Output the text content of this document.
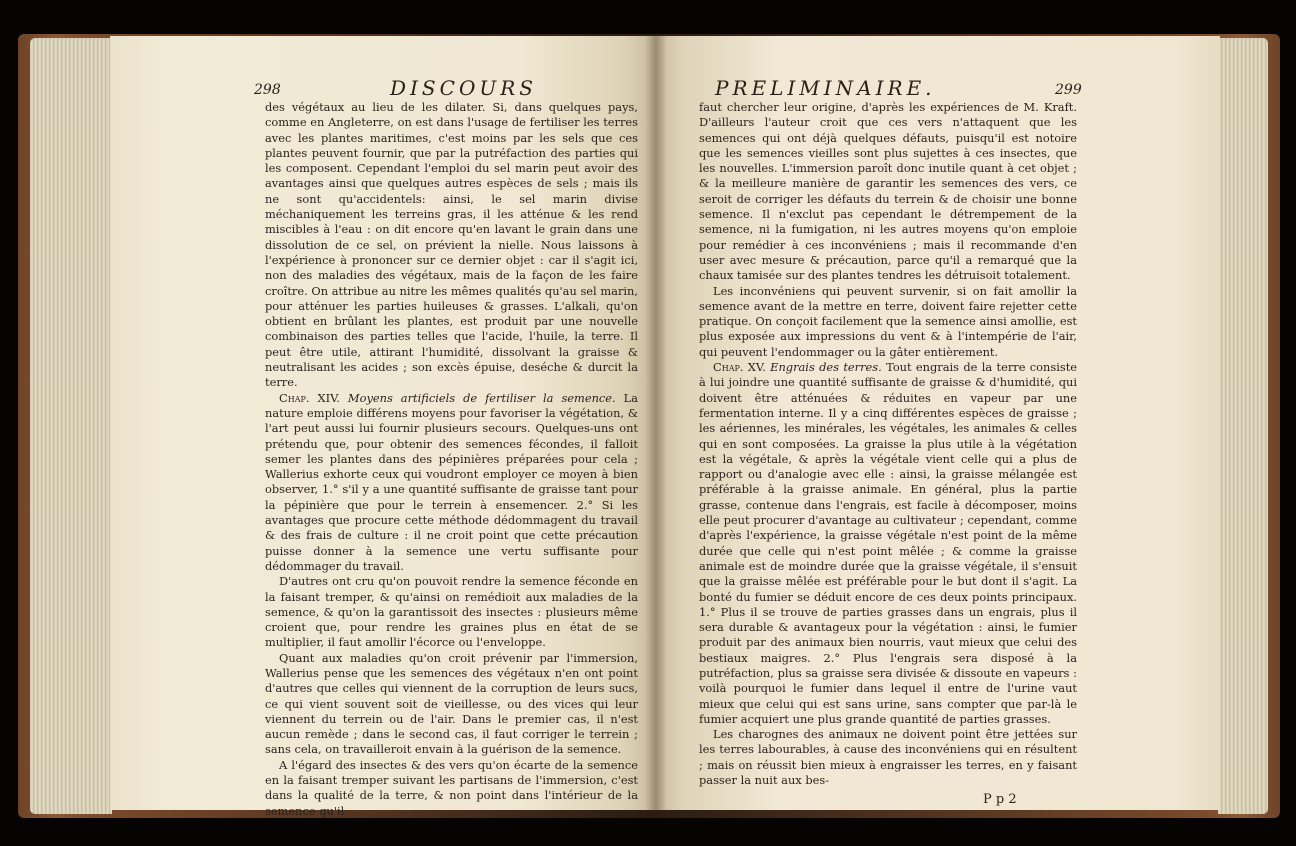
298	DISCOURS

des végétaux au lieu de les dilater. Si, dans quelques pays, comme en Angleterre, on est dans l'usage de fertiliser les terres avec les plantes maritimes, c'est moins par les sels que ces plantes peuvent fournir, que par la putréfaction des parties qui les composent. Cependant l'emploi du sel marin peut avoir des avantages ainsi que quelques autres espèces de sels ; mais ils ne sont qu'accidentels: ainsi, le sel marin divise méchaniquement les terreins gras, il les atténue & les rend miscibles à l'eau : on dit encore qu'en lavant le grain dans une dissolution de ce sel, on prévient la nielle. Nous laissons à l'expérience à prononcer sur ce dernier objet : car il s'agit ici, non des maladies des végétaux, mais de la façon de les faire croître. On attribue au nitre les mêmes qualités qu'au sel marin, pour atténuer les parties huileuses & grasses. L'alkali, qu'on obtient en brûlant les plantes, est produit par une nouvelle combinaison des parties telles que l'acide, l'huile, la terre. Il peut être utile, attirant l'humidité, dissolvant la graisse & neutralisant les acides ; son excès épuise, deséche & durcit la terre.

Chap. XIV. Moyens artificiels de fertiliser la semence. La nature emploie différens moyens pour favoriser la végétation, & l'art peut aussi lui fournir plusieurs secours. Quelques-uns ont prétendu que, pour obtenir des semences fécondes, il falloit semer les plantes dans des pépinières préparées pour cela ; Wallerius exhorte ceux qui voudront employer ce moyen à bien observer, 1.° s'il y a une quantité suffisante de graisse tant pour la pépinière que pour le terrein à ensemencer. 2.° Si les avantages que procure cette méthode dédommagent du travail & des frais de culture : il ne croit point que cette précaution puisse donner à la semence une vertu suffisante pour dédommager du travail.

D'autres ont cru qu'on pouvoit rendre la semence féconde en la faisant tremper, & qu'ainsi on remédioit aux maladies de la semence, & qu'on la garantissoit des insectes : plusieurs même croient que, pour rendre les graines plus en état de se multiplier, il faut amollir l'écorce ou l'enveloppe.

Quant aux maladies qu'on croit prévenir par l'immersion, Wallerius pense que les semences des végétaux n'en ont point d'autres que celles qui viennent de la corruption de leurs sucs, ce qui vient souvent soit de vieillesse, ou des vices qui leur viennent du terrein ou de l'air. Dans le premier cas, il n'est aucun remède ; dans le second cas, il faut corriger le terrein ; sans cela, on travailleroit envain à la guérison de la semence.

A l'égard des insectes & des vers qu'on écarte de la semence en la faisant tremper suivant les partisans de l'immersion, c'est dans la qualité de la terre, & non point dans l'intérieur de la semence qu'il

PRELIMINAIRE.	299

faut chercher leur origine, d'après les expériences de M. Kraft. D'ailleurs l'auteur croit que ces vers n'attaquent que les semences qui ont déjà quelques défauts, puisqu'il est notoire que les semences vieilles sont plus sujettes à ces insectes, que les nouvelles. L'immersion paroît donc inutile quant à cet objet ; & la meilleure manière de garantir les semences des vers, ce seroit de corriger les défauts du terrein & de choisir une bonne semence. Il n'exclut pas cependant le détrempement de la semence, ni la fumigation, ni les autres moyens qu'on emploie pour remédier à ces inconvéniens ; mais il recommande d'en user avec mesure & précaution, parce qu'il a remarqué que la chaux tamisée sur des plantes tendres les détruisoit totalement.

Les inconvéniens qui peuvent survenir, si on fait amollir la semence avant de la mettre en terre, doivent faire rejetter cette pratique. On conçoit facilement que la semence ainsi amollie, est plus exposée aux impressions du vent & à l'intempérie de l'air, qui peuvent l'endommager ou la gâter entièrement.

Chap. XV. Engrais des terres. Tout engrais de la terre consiste à lui joindre une quantité suffisante de graisse & d'humidité, qui doivent être atténuées & réduites en vapeur par une fermentation interne. Il y a cinq différentes espèces de graisse ; les aériennes, les minérales, les végétales, les animales & celles qui en sont composées. La graisse la plus utile à la végétation est la végétale, & après la végétale vient celle qui a plus de rapport ou d'analogie avec elle : ainsi, la graisse mélangée est préférable à la graisse animale. En général, plus la partie grasse, contenue dans l'engrais, est facile à décomposer, moins elle peut procurer d'avantage au cultivateur ; cependant, comme d'après l'expérience, la graisse végétale n'est point de la même durée que celle qui n'est point mêlée ; & comme la graisse animale est de moindre durée que la graisse végétale, il s'ensuit que la graisse mêlée est préférable pour le but dont il s'agit. La bonté du fumier se déduit encore de ces deux points principaux. 1.° Plus il se trouve de parties grasses dans un engrais, plus il sera durable & avantageux pour la végétation : ainsi, le fumier produit par des animaux bien nourris, vaut mieux que celui des bestiaux maigres. 2.° Plus l'engrais sera disposé à la putréfaction, plus sa graisse sera divisée & dissoute en vapeurs : voilà pourquoi le fumier dans lequel il entre de l'urine vaut mieux que celui qui est sans urine, sans compter que par-là le fumier acquiert une plus grande quantité de parties grasses.

Les charognes des animaux ne doivent point être jettées sur les terres labourables, à cause des inconvéniens qui en résultent ; mais on réussit bien mieux à engraisser les terres, en y faisant passer la nuit aux bes-

P p 2
